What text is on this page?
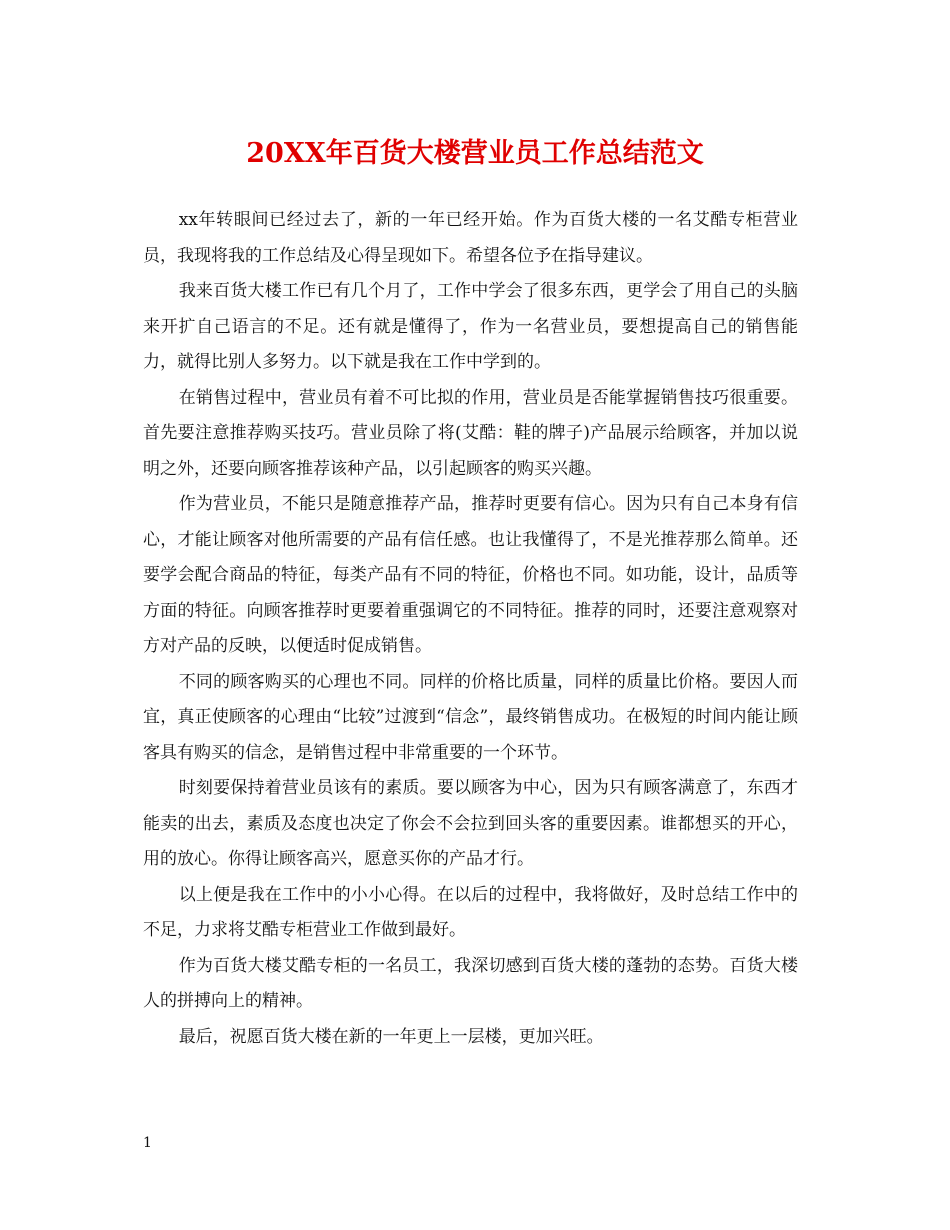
20XX年百货大楼营业员工作总结范文

xx年转眼间已经过去了，新的一年已经开始。作为百货大楼的一名艾酷专柜营业员，我现将我的工作总结及心得呈现如下。希望各位予在指导建议。

我来百货大楼工作已有几个月了，工作中学会了很多东西，更学会了用自己的头脑来开扩自己语言的不足。还有就是懂得了，作为一名营业员，要想提高自己的销售能力，就得比别人多努力。以下就是我在工作中学到的。

在销售过程中，营业员有着不可比拟的作用，营业员是否能掌握销售技巧很重要。首先要注意推荐购买技巧。营业员除了将(艾酷：鞋的牌子)产品展示给顾客，并加以说明之外，还要向顾客推荐该种产品，以引起顾客的购买兴趣。

作为营业员，不能只是随意推荐产品，推荐时更要有信心。因为只有自己本身有信心，才能让顾客对他所需要的产品有信任感。也让我懂得了，不是光推荐那么简单。还要学会配合商品的特征，每类产品有不同的特征，价格也不同。如功能，设计，品质等方面的特征。向顾客推荐时更要着重强调它的不同特征。推荐的同时，还要注意观察对方对产品的反映，以便适时促成销售。

不同的顾客购买的心理也不同。同样的价格比质量，同样的质量比价格。要因人而宜，真正使顾客的心理由“比较”过渡到“信念”，最终销售成功。在极短的时间内能让顾客具有购买的信念，是销售过程中非常重要的一个环节。

时刻要保持着营业员该有的素质。要以顾客为中心，因为只有顾客满意了，东西才能卖的出去，素质及态度也决定了你会不会拉到回头客的重要因素。谁都想买的开心，用的放心。你得让顾客高兴，愿意买你的产品才行。

以上便是我在工作中的小小心得。在以后的过程中，我将做好，及时总结工作中的不足，力求将艾酷专柜营业工作做到最好。

作为百货大楼艾酷专柜的一名员工，我深切感到百货大楼的蓬勃的态势。百货大楼人的拼搏向上的精神。

最后，祝愿百货大楼在新的一年更上一层楼，更加兴旺。

1
